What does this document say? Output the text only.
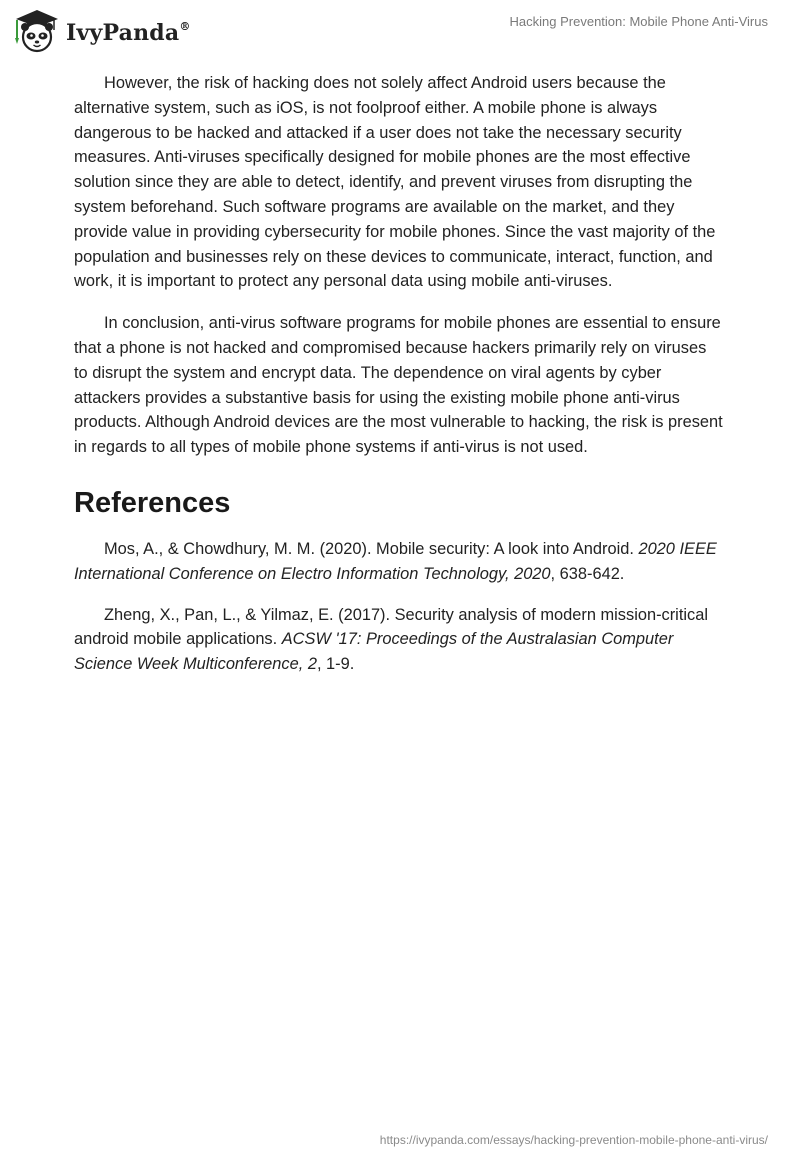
IvyPanda®	Hacking Prevention: Mobile Phone Anti-Virus

However, the risk of hacking does not solely affect Android users because the alternative system, such as iOS, is not foolproof either. A mobile phone is always dangerous to be hacked and attacked if a user does not take the necessary security measures. Anti-viruses specifically designed for mobile phones are the most effective solution since they are able to detect, identify, and prevent viruses from disrupting the system beforehand. Such software programs are available on the market, and they provide value in providing cybersecurity for mobile phones. Since the vast majority of the population and businesses rely on these devices to communicate, interact, function, and work, it is important to protect any personal data using mobile anti-viruses.

In conclusion, anti-virus software programs for mobile phones are essential to ensure that a phone is not hacked and compromised because hackers primarily rely on viruses to disrupt the system and encrypt data. The dependence on viral agents by cyber attackers provides a substantive basis for using the existing mobile phone anti-virus products. Although Android devices are the most vulnerable to hacking, the risk is present in regards to all types of mobile phone systems if anti-virus is not used.

References

Mos, A., & Chowdhury, M. M. (2020). Mobile security: A look into Android. 2020 IEEE International Conference on Electro Information Technology, 2020, 638-642.

Zheng, X., Pan, L., & Yilmaz, E. (2017). Security analysis of modern mission-critical android mobile applications. ACSW '17: Proceedings of the Australasian Computer Science Week Multiconference, 2, 1-9.

https://ivypanda.com/essays/hacking-prevention-mobile-phone-anti-virus/
